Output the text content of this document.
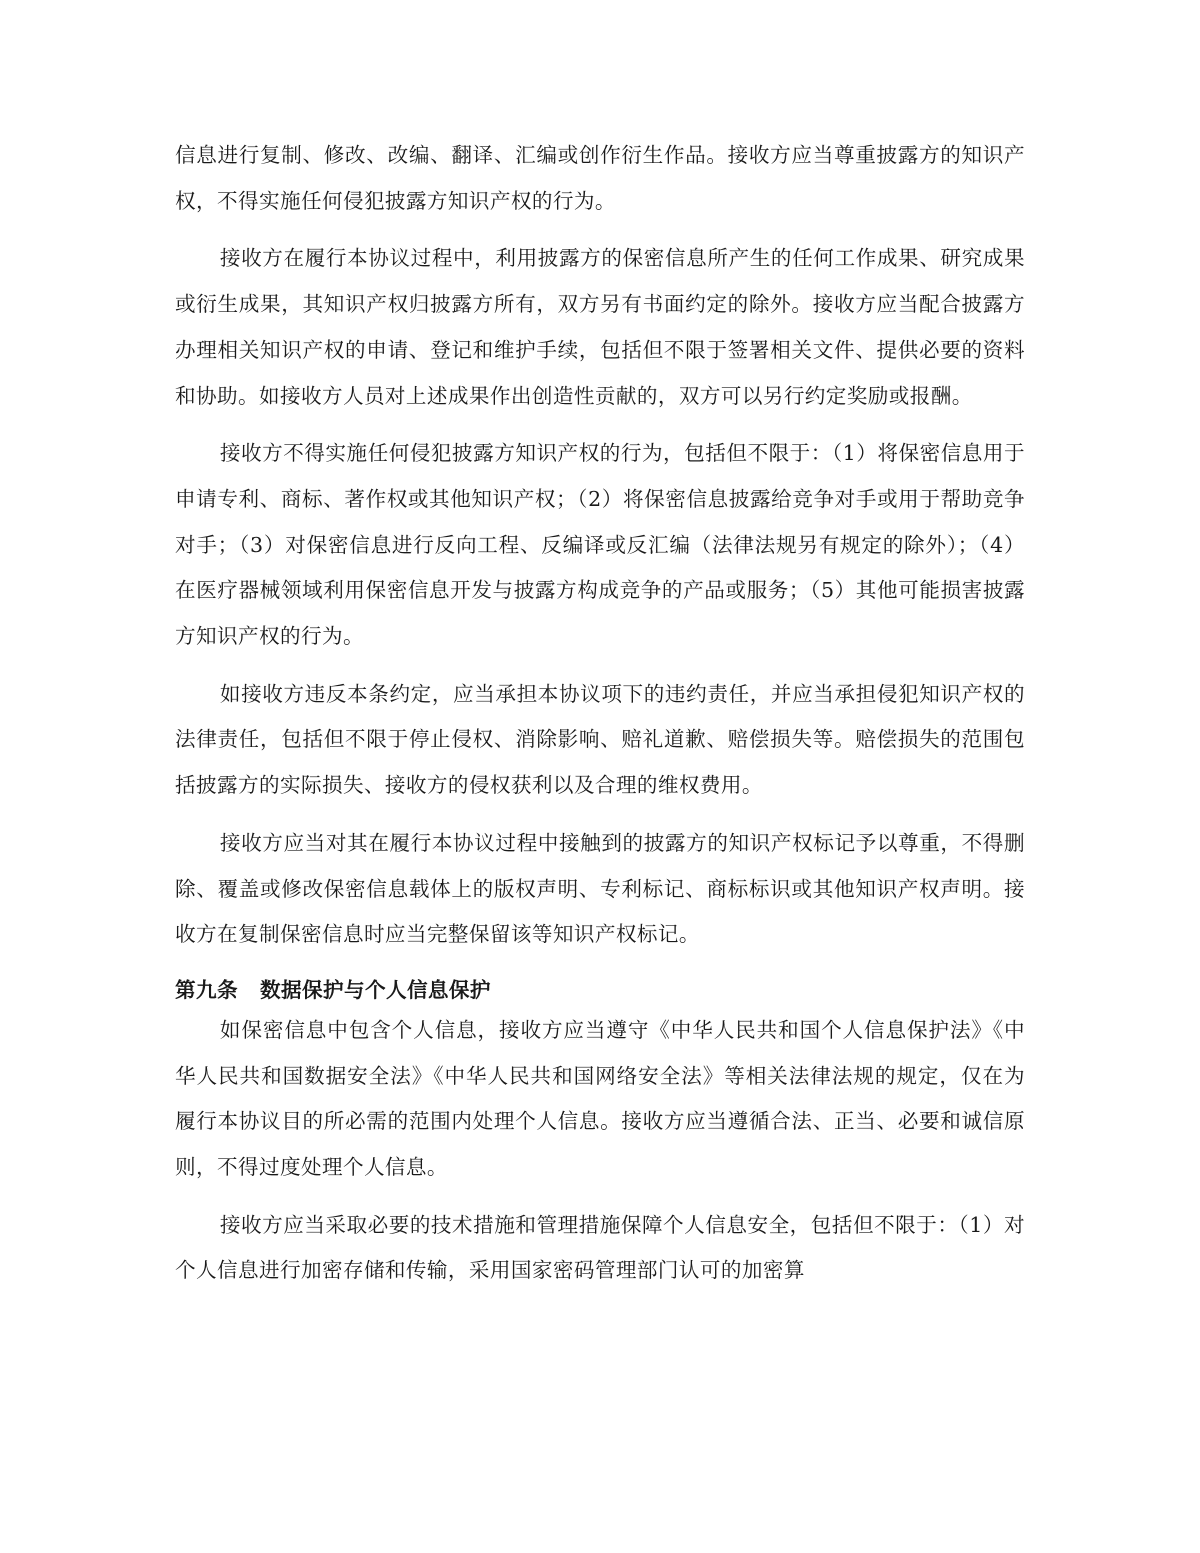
信息进行复制、修改、改编、翻译、汇编或创作衍生作品。接收方应当尊重披露方的知识产权，不得实施任何侵犯披露方知识产权的行为。

接收方在履行本协议过程中，利用披露方的保密信息所产生的任何工作成果、研究成果或衍生成果，其知识产权归披露方所有，双方另有书面约定的除外。接收方应当配合披露方办理相关知识产权的申请、登记和维护手续，包括但不限于签署相关文件、提供必要的资料和协助。如接收方人员对上述成果作出创造性贡献的，双方可以另行约定奖励或报酬。

接收方不得实施任何侵犯披露方知识产权的行为，包括但不限于：（1）将保密信息用于申请专利、商标、著作权或其他知识产权；（2）将保密信息披露给竞争对手或用于帮助竞争对手；（3）对保密信息进行反向工程、反编译或反汇编（法律法规另有规定的除外）；（4）在医疗器械领域利用保密信息开发与披露方构成竞争的产品或服务；（5）其他可能损害披露方知识产权的行为。

如接收方违反本条约定，应当承担本协议项下的违约责任，并应当承担侵犯知识产权的法律责任，包括但不限于停止侵权、消除影响、赔礼道歉、赔偿损失等。赔偿损失的范围包括披露方的实际损失、接收方的侵权获利以及合理的维权费用。

接收方应当对其在履行本协议过程中接触到的披露方的知识产权标记予以尊重，不得删除、覆盖或修改保密信息载体上的版权声明、专利标记、商标标识或其他知识产权声明。接收方在复制保密信息时应当完整保留该等知识产权标记。

第九条 数据保护与个人信息保护

如保密信息中包含个人信息，接收方应当遵守《中华人民共和国个人信息保护法》《中华人民共和国数据安全法》《中华人民共和国网络安全法》等相关法律法规的规定，仅在为履行本协议目的所必需的范围内处理个人信息。接收方应当遵循合法、正当、必要和诚信原则，不得过度处理个人信息。

接收方应当采取必要的技术措施和管理措施保障个人信息安全，包括但不限于：（1）对个人信息进行加密存储和传输，采用国家密码管理部门认可的加密算
